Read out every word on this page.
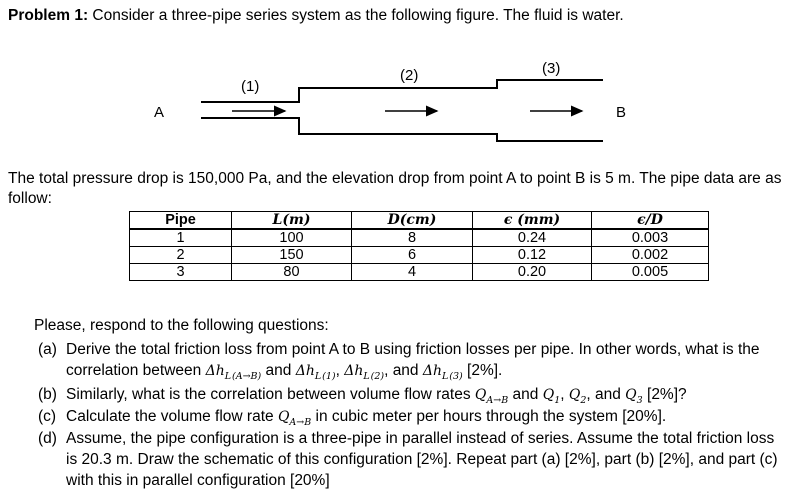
Problem 1: Consider a three-pipe series system as the following figure. The fluid is water.
(1)
(2)	(3)
A	B
The total pressure drop is 150,000 Pa, and the elevation drop from point A to point B is 5 m. The pipe data are as follow:
Pipe	L(m)	D(cm)	ϵ (mm)	ϵ/D
1	100	8	0.24	0.003
2	150	6	0.12	0.002
3	80	4	0.20	0.005
Please, respond to the following questions:
(a) Derive the total friction loss from point A to B using friction losses per pipe. In other words, what is the correlation between $\Delta h_{L (A\to B)}$ and $\Delta h_{L (1)}$, $\Delta h_{L (2)}$, and $\Delta h_{L (3)}$ [2%].
(b) Similarly, what is the correlation between volume flow rates $Q_{A\to B}$ and $Q_1$, $Q_2$, and $Q_3$ [2%]?
(c) Calculate the volume flow rate $Q_{A\to B}$ in cubic meter per hours through the system [20%].
(d) Assume, the pipe configuration is a three-pipe in parallel instead of series. Assume the total friction loss is 20.3 m. Draw the schematic of this configuration [2%]. Repeat part (a) [2%], part (b) [2%], and part (c) with this in parallel configuration [20%]
